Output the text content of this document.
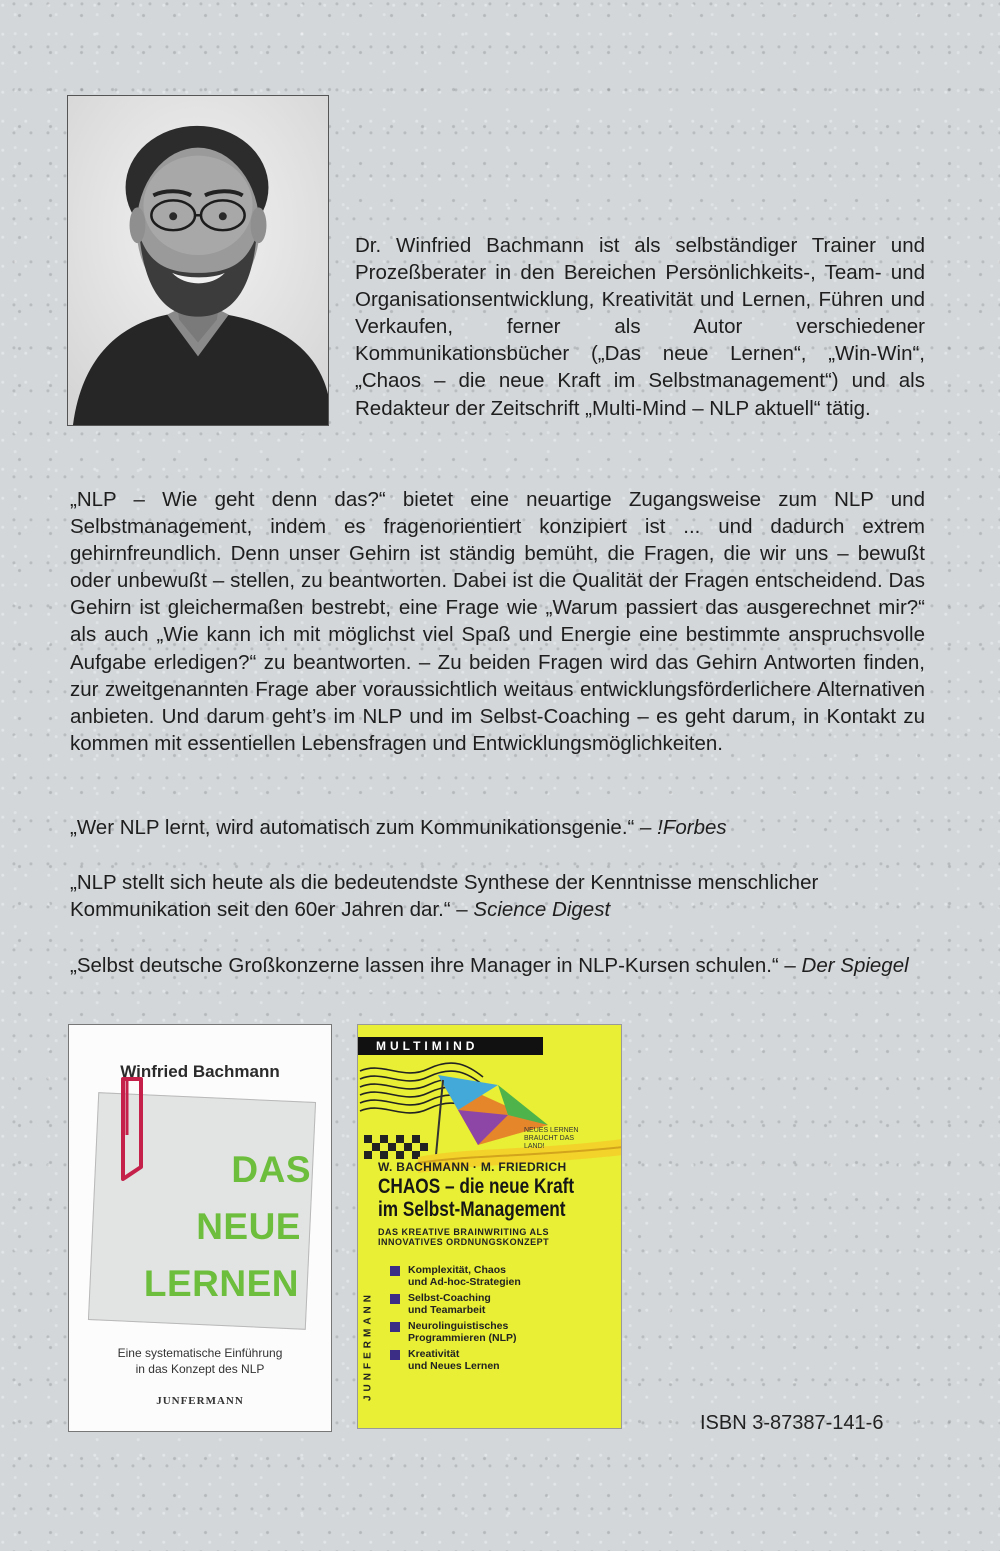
Dr. Winfried Bachmann ist als selbständiger Trainer und Prozeßberater in den Bereichen Persönlichkeits-, Team- und Organisationsentwicklung, Kreativität und Lernen, Führen und Verkaufen, ferner als Autor verschiedener Kommunikationsbücher („Das neue Lernen“, „Win-Win“, „Chaos – die neue Kraft im Selbstmanagement“) und als Redakteur der Zeitschrift „Multi-Mind – NLP aktuell“ tätig.

„NLP – Wie geht denn das?“ bietet eine neuartige Zugangsweise zum NLP und Selbstmanagement, indem es fragenorientiert konzipiert ist ... und dadurch extrem gehirnfreundlich. Denn unser Gehirn ist ständig bemüht, die Fragen, die wir uns – bewußt oder unbewußt – stellen, zu beantworten. Dabei ist die Qualität der Fragen entscheidend. Das Gehirn ist gleichermaßen bestrebt, eine Frage wie „Warum passiert das ausgerechnet mir?“ als auch „Wie kann ich mit möglichst viel Spaß und Energie eine bestimmte anspruchsvolle Aufgabe erledigen?“ zu beantworten. – Zu beiden Fragen wird das Gehirn Antworten finden, zur zweitgenannten Frage aber voraussichtlich weitaus entwicklungsförderlichere Alternativen anbieten. Und darum geht’s im NLP und im Selbst-Coaching – es geht darum, in Kontakt zu kommen mit essentiellen Lebensfragen und Entwicklungsmöglichkeiten.

„Wer NLP lernt, wird automatisch zum Kommunikationsgenie.“ – !Forbes

„NLP stellt sich heute als die bedeutendste Synthese der Kenntnisse menschlicher Kommunikation seit den 60er Jahren dar.“ – Science Digest

„Selbst deutsche Großkonzerne lassen ihre Manager in NLP-Kursen schulen.“ – Der Spiegel

Winfried Bachmann
DAS
NEUE
LERNEN
Eine systematische Einführung
in das Konzept des NLP
JUNFERMANN
MULTIMIND
NEUES LERNEN BRAUCHT DAS LAND!
W. BACHMANN · M. FRIEDRICH
CHAOS – die neue Kraft
im Selbst-Management
DAS KREATIVE BRAINWRITING ALS
INNOVATIVES ORDNUNGSKONZEPT
JUNFERMANN
Komplexität, Chaos
und Ad-hoc-Strategien
Selbst-Coaching
und Teamarbeit
Neurolinguistisches
Programmieren (NLP)
Kreativität
und Neues Lernen
ISBN 3-87387-141-6
